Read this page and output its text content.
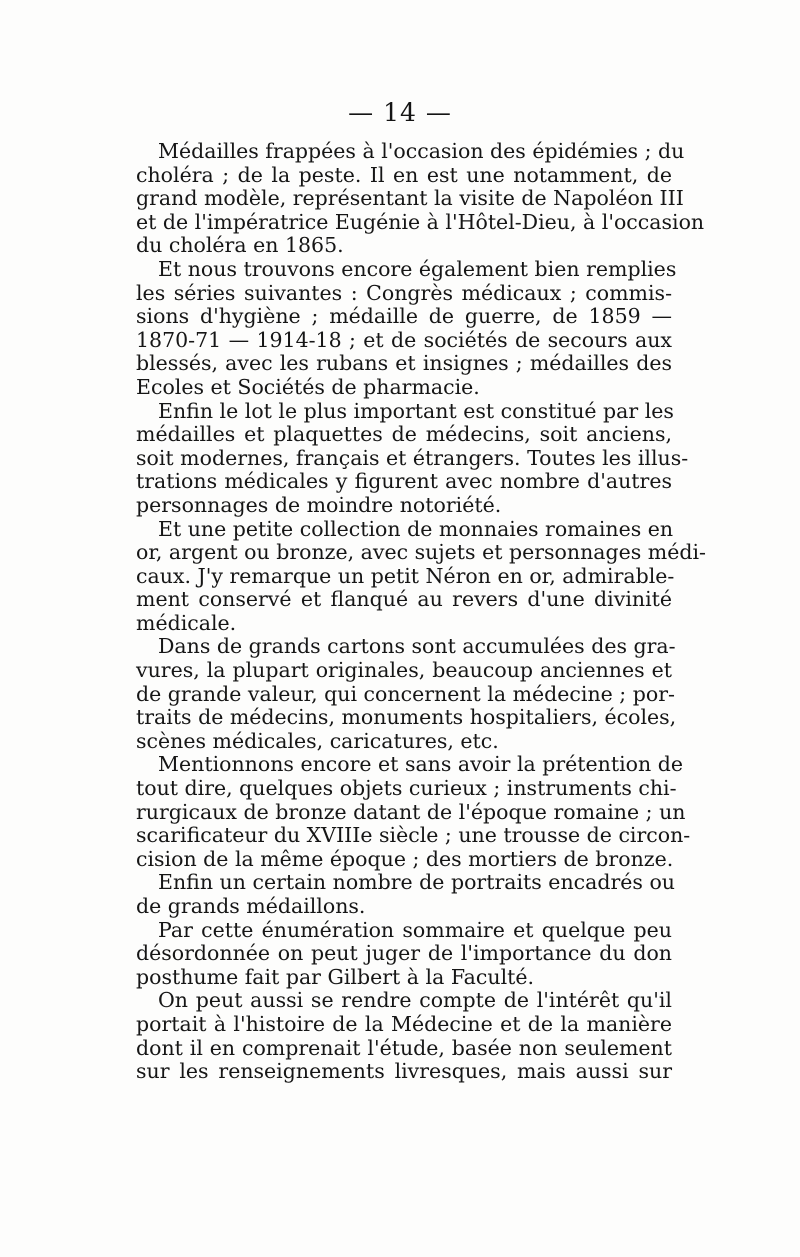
— 14 —
Médailles frappées à l'occasion des épidémies ; du
choléra ; de la peste. Il en est une notamment, de
grand modèle, représentant la visite de Napoléon III
et de l'impératrice Eugénie à l'Hôtel-Dieu, à l'occasion
du choléra en 1865.
Et nous trouvons encore également bien remplies
les séries suivantes : Congrès médicaux ; commis-
sions d'hygiène ; médaille de guerre, de 1859 —
1870-71 — 1914-18 ; et de sociétés de secours aux
blessés, avec les rubans et insignes ; médailles des
Ecoles et Sociétés de pharmacie.
Enfin le lot le plus important est constitué par les
médailles et plaquettes de médecins, soit anciens,
soit modernes, français et étrangers. Toutes les illus-
trations médicales y figurent avec nombre d'autres
personnages de moindre notoriété.
Et une petite collection de monnaies romaines en
or, argent ou bronze, avec sujets et personnages médi-
caux. J'y remarque un petit Néron en or, admirable-
ment conservé et flanqué au revers d'une divinité
médicale.
Dans de grands cartons sont accumulées des gra-
vures, la plupart originales, beaucoup anciennes et
de grande valeur, qui concernent la médecine ; por-
traits de médecins, monuments hospitaliers, écoles,
scènes médicales, caricatures, etc.
Mentionnons encore et sans avoir la prétention de
tout dire, quelques objets curieux ; instruments chi-
rurgicaux de bronze datant de l'époque romaine ; un
scarificateur du XVIIIe siècle ; une trousse de circon-
cision de la même époque ; des mortiers de bronze.
Enfin un certain nombre de portraits encadrés ou
de grands médaillons.
Par cette énumération sommaire et quelque peu
désordonnée on peut juger de l'importance du don
posthume fait par Gilbert à la Faculté.
On peut aussi se rendre compte de l'intérêt qu'il
portait à l'histoire de la Médecine et de la manière
dont il en comprenait l'étude, basée non seulement
sur les renseignements livresques, mais aussi sur
